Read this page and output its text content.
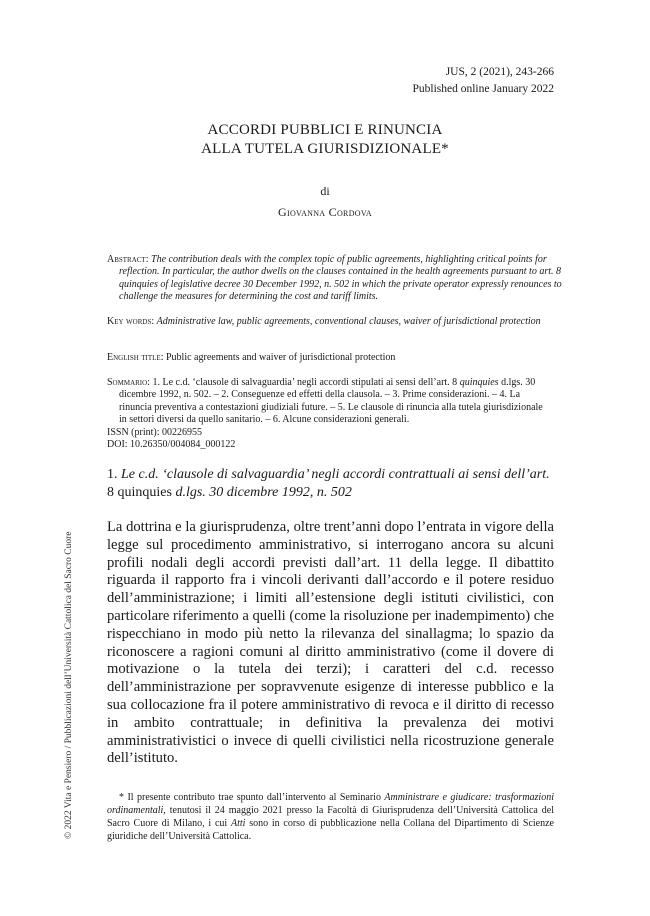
JUS, 2 (2021), 243-266
Published online January 2022
ACCORDI PUBBLICI E RINUNCIA
ALLA TUTELA GIURISDIZIONALE*
di
Giovanna Cordova
Abstract: The contribution deals with the complex topic of public agreements, highlighting critical points for reflection. In particular, the author dwells on the clauses contained in the health agreements pursuant to art. 8 quinquies of legislative decree 30 December 1992, n. 502 in which the private operator expressly renounces to challenge the measures for determining the cost and tariff limits.
Key words: Administrative law, public agreements, conventional clauses, waiver of jurisdictional protection
English title: Public agreements and waiver of jurisdictional protection
Sommario: 1. Le c.d. ‘clausole di salvaguardia’ negli accordi stipulati ai sensi dell’art. 8 quinquies d.lgs. 30 dicembre 1992, n. 502. – 2. Conseguenze ed effetti della clausola. – 3. Prime considerazioni. – 4. La rinuncia preventiva a contestazioni giudiziali future. – 5. Le clausole di rinuncia alla tutela giurisdizionale in settori diversi da quello sanitario. – 6. Alcune considerazioni generali.
ISSN (print): 00226955
DOI: 10.26350/004084_000122
1. Le c.d. ‘clausole di salvaguardia’ negli accordi contrattuali ai sensi dell’art.
8 quinquies d.lgs. 30 dicembre 1992, n. 502
La dottrina e la giurisprudenza, oltre trent’anni dopo l’entrata in vigore della legge sul procedimento amministrativo, si interrogano ancora su alcuni profili nodali degli accordi previsti dall’art. 11 della legge. Il dibattito riguarda il rapporto fra i vincoli derivanti dall’accordo e il potere residuo dell’amministrazione; i limiti all’estensione degli istituti civilistici, con particolare riferimento a quelli (come la risoluzione per inadempimento) che rispecchiano in modo più netto la rilevanza del sinallagma; lo spazio da riconoscere a ragioni comuni al diritto amministrativo (come il dovere di motivazione o la tutela dei terzi); i caratteri del c.d. recesso dell’amministrazione per sopravvenute esigenze di interesse pubblico e la sua collocazione fra il potere amministrativo di revoca e il diritto di recesso in ambito contrattuale; in definitiva la prevalenza dei motivi amministrativistici o invece di quelli civilistici nella ricostruzione generale dell’istituto.
* Il presente contributo trae spunto dall’intervento al Seminario Amministrare e giudicare: trasformazioni ordinamentali, tenutosi il 24 maggio 2021 presso la Facoltà di Giurisprudenza dell’Università Cattolica del Sacro Cuore di Milano, i cui Atti sono in corso di pubblicazione nella Collana del Dipartimento di Scienze giuridiche dell’Università Cattolica.
© 2022 Vita e Pensiero / Pubblicazioni dell’Università Cattolica del Sacro Cuore
